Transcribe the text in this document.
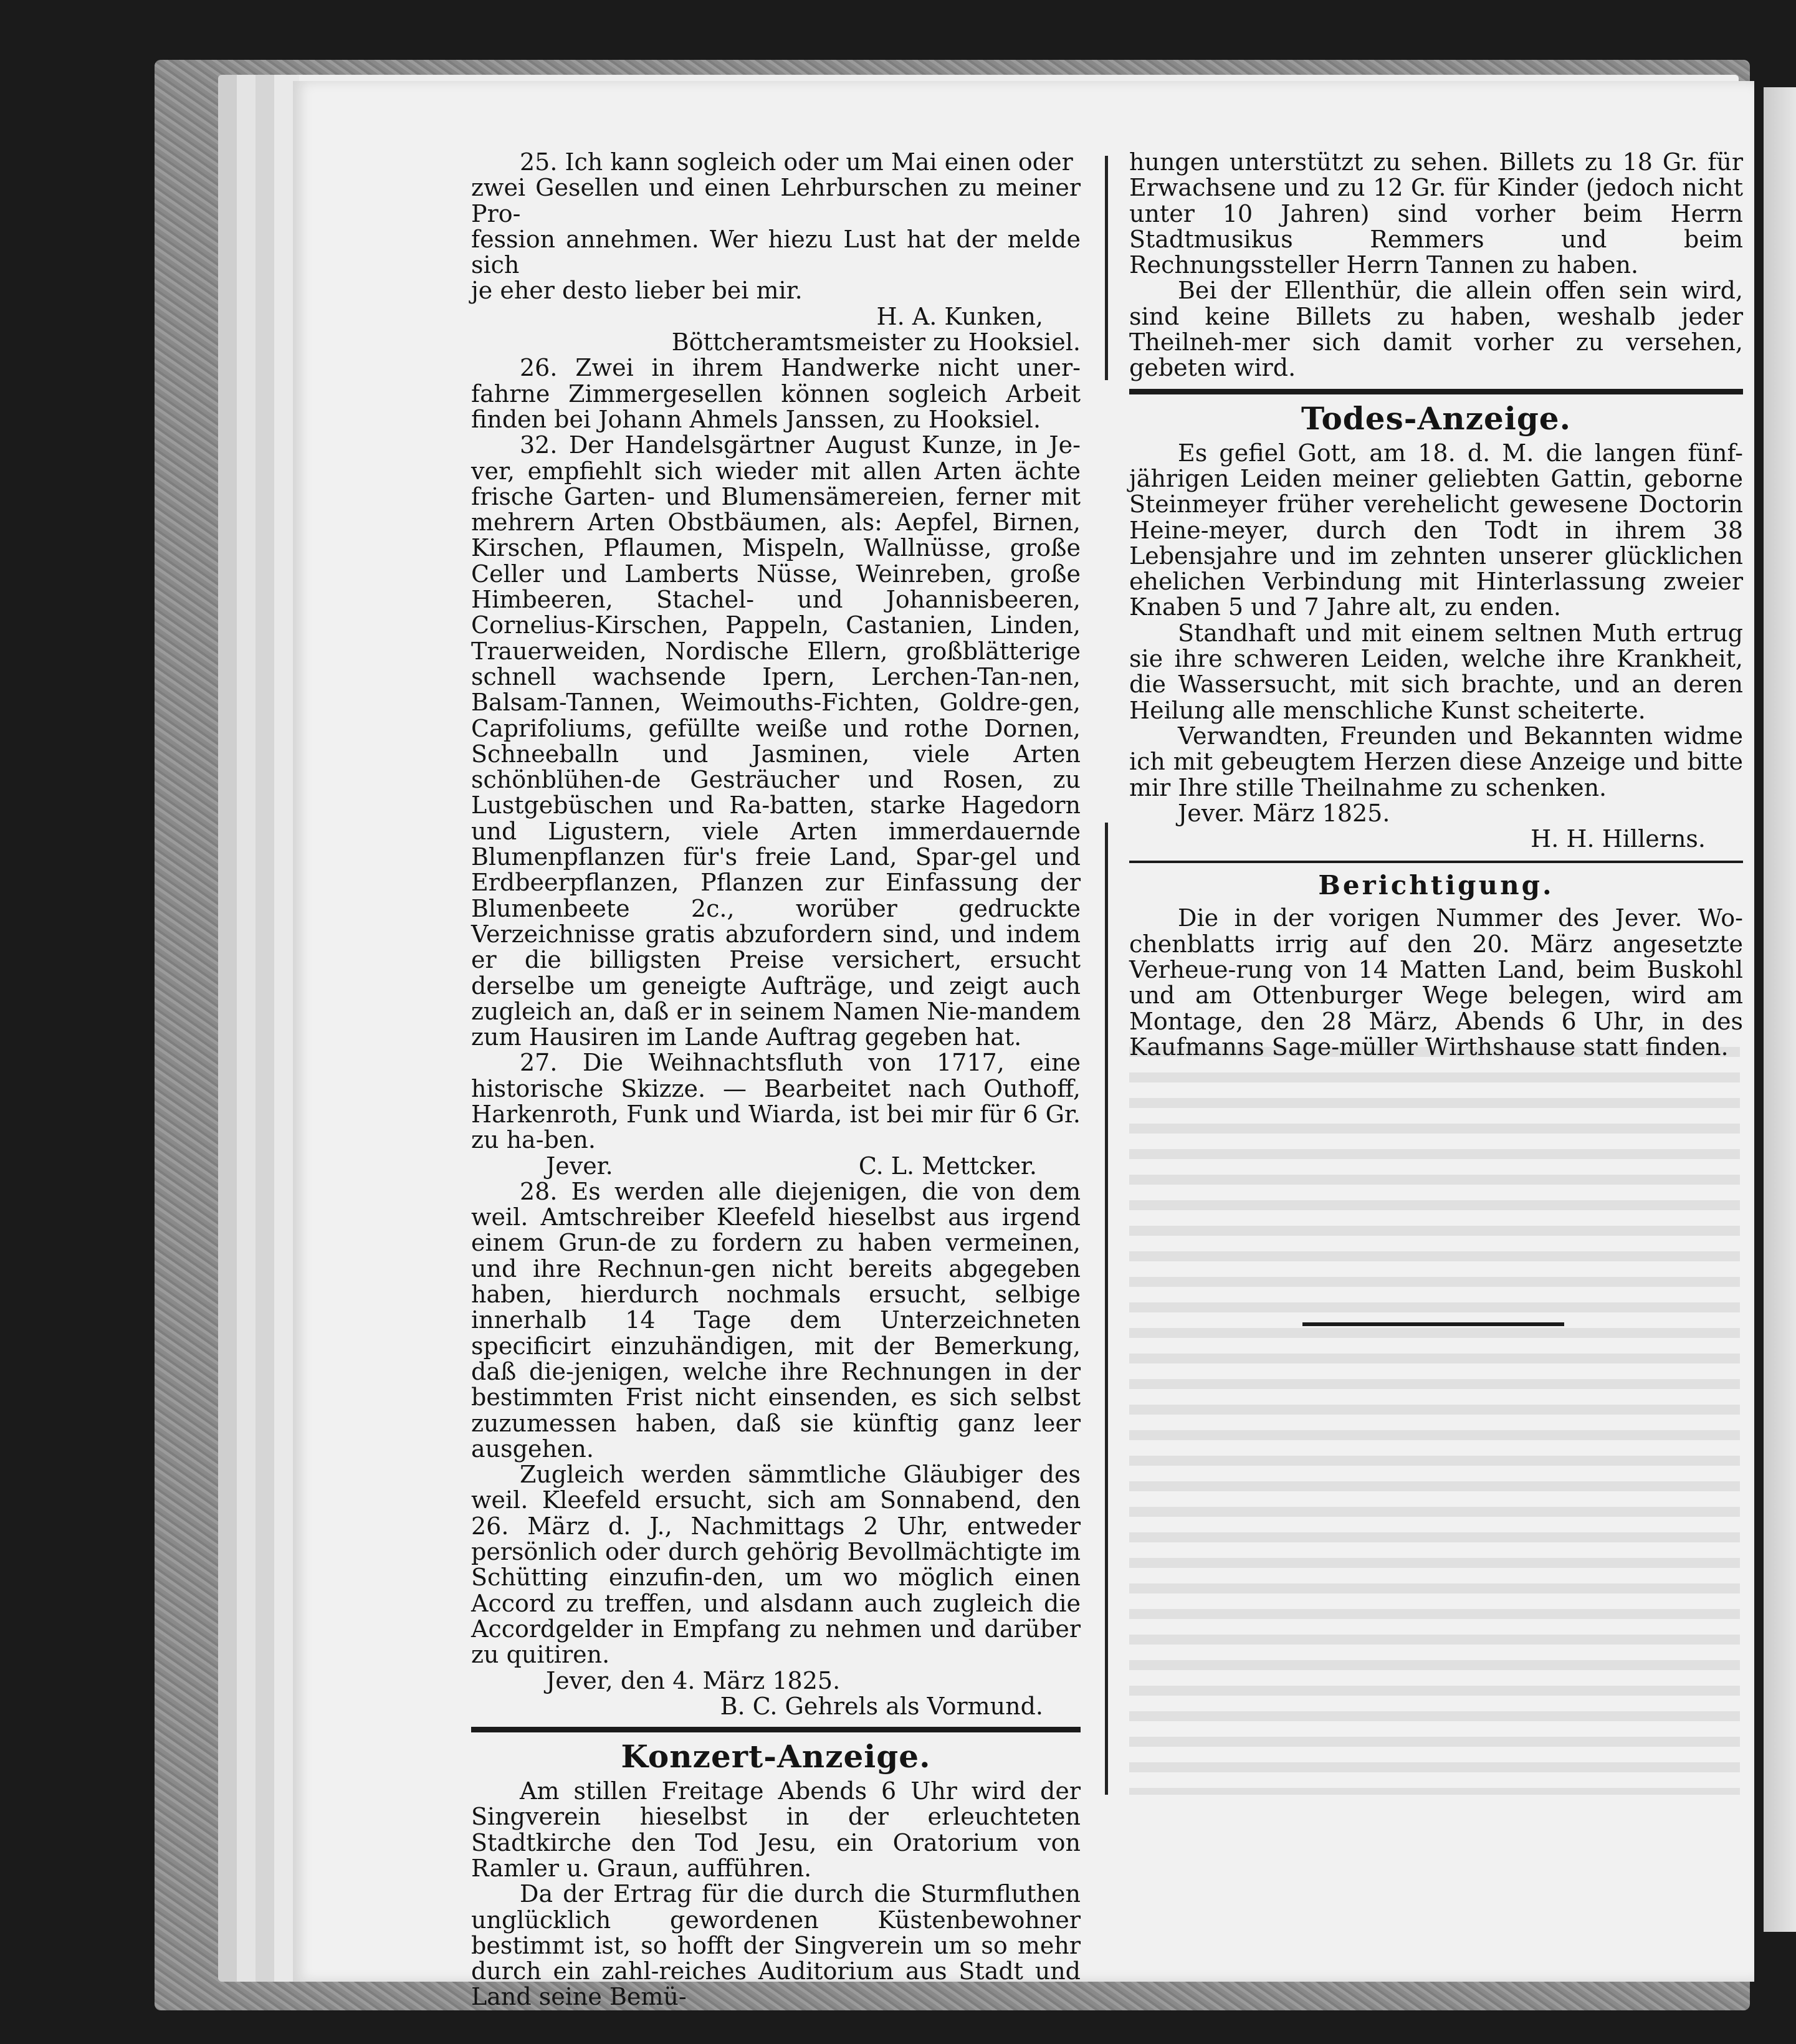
25. Ich kann sogleich oder um Mai einen oder

zwei Gesellen und einen Lehrburschen zu meiner Pro-

fession annehmen. Wer hiezu Lust hat der melde sich

je eher desto lieber bei mir.

H. A. Kunken,

Böttcheramtsmeister zu Hooksiel.

26. Zwei in ihrem Handwerke nicht uner-fahrne Zimmergesellen können sogleich Arbeit finden bei Johann Ahmels Janssen, zu Hooksiel.

32. Der Handelsgärtner August Kunze, in Je-ver, empfiehlt sich wieder mit allen Arten ächte frische Garten- und Blumensämereien, ferner mit mehrern Arten Obstbäumen, als: Aepfel, Birnen, Kirschen, Pflaumen, Mispeln, Wallnüsse, große Celler und Lamberts Nüsse, Weinreben, große Himbeeren, Stachel- und Johannisbeeren, Cornelius-Kirschen, Pappeln, Castanien, Linden, Trauerweiden, Nordische Ellern, großblätterige schnell wachsende Ipern, Lerchen-Tan-nen, Balsam-Tannen, Weimouths-Fichten, Goldre-gen, Caprifoliums, gefüllte weiße und rothe Dornen, Schneeballn und Jasminen, viele Arten schönblühen-de Gesträucher und Rosen, zu Lustgebüschen und Ra-batten, starke Hagedorn und Ligustern, viele Arten immerdauernde Blumenpflanzen für's freie Land, Spar-gel und Erdbeerpflanzen, Pflanzen zur Einfassung der Blumenbeete 2c., worüber gedruckte Verzeichnisse gratis abzufordern sind, und indem er die billigsten Preise versichert, ersucht derselbe um geneigte Aufträge, und zeigt auch zugleich an, daß er in seinem Namen Nie-mandem zum Hausiren im Lande Auftrag gegeben hat.

27. Die Weihnachtsfluth von 1717, eine historische Skizze. — Bearbeitet nach Outhoff, Harkenroth, Funk und Wiarda, ist bei mir für 6 Gr. zu ha-ben.

Jever.	C. L. Mettcker.

28. Es werden alle diejenigen, die von dem weil. Amtschreiber Kleefeld hieselbst aus irgend einem Grun-de zu fordern zu haben vermeinen, und ihre Rechnun-gen nicht bereits abgegeben haben, hierdurch nochmals ersucht, selbige innerhalb 14 Tage dem Unterzeichneten specificirt einzuhändigen, mit der Bemerkung, daß die-jenigen, welche ihre Rechnungen in der bestimmten Frist nicht einsenden, es sich selbst zuzumessen haben, daß sie künftig ganz leer ausgehen.

Zugleich werden sämmtliche Gläubiger des weil. Kleefeld ersucht, sich am Sonnabend, den 26. März d. J., Nachmittags 2 Uhr, entweder persönlich oder durch gehörig Bevollmächtigte im Schütting einzufin-den, um wo möglich einen Accord zu treffen, und alsdann auch zugleich die Accordgelder in Empfang zu nehmen und darüber zu quitiren.

Jever, den 4. März 1825.

B. C. Gehrels als Vormund.

Konzert-Anzeige.

Am stillen Freitage Abends 6 Uhr wird der Singverein hieselbst in der erleuchteten Stadtkirche den Tod Jesu, ein Oratorium von Ramler u. Graun, aufführen.

Da der Ertrag für die durch die Sturmfluthen unglücklich gewordenen Küstenbewohner bestimmt ist, so hofft der Singverein um so mehr durch ein zahl-reiches Auditorium aus Stadt und Land seine Bemü-

hungen unterstützt zu sehen. Billets zu 18 Gr. für Erwachsene und zu 12 Gr. für Kinder (jedoch nicht unter 10 Jahren) sind vorher beim Herrn Stadtmusikus Remmers und beim Rechnungssteller Herrn Tannen zu haben.

Bei der Ellenthür, die allein offen sein wird, sind keine Billets zu haben, weshalb jeder Theilneh-mer sich damit vorher zu versehen, gebeten wird.

Todes-Anzeige.

Es gefiel Gott, am 18. d. M. die langen fünf-jährigen Leiden meiner geliebten Gattin, geborne Steinmeyer früher verehelicht gewesene Doctorin Heine-meyer, durch den Todt in ihrem 38 Lebensjahre und im zehnten unserer glücklichen ehelichen Verbindung mit Hinterlassung zweier Knaben 5 und 7 Jahre alt, zu enden.

Standhaft und mit einem seltnen Muth ertrug sie ihre schweren Leiden, welche ihre Krankheit, die Wassersucht, mit sich brachte, und an deren Heilung alle menschliche Kunst scheiterte.

Verwandten, Freunden und Bekannten widme ich mit gebeugtem Herzen diese Anzeige und bitte mir Ihre stille Theilnahme zu schenken.

Jever. März 1825.

H. H. Hillerns.

Berichtigung.

Die in der vorigen Nummer des Jever. Wo-chenblatts irrig auf den 20. März angesetzte Verheue-rung von 14 Matten Land, beim Buskohl und am Ottenburger Wege belegen, wird am Montage, den 28 März, Abends 6 Uhr, in des Kaufmanns Sage-müller Wirthshause statt finden.
